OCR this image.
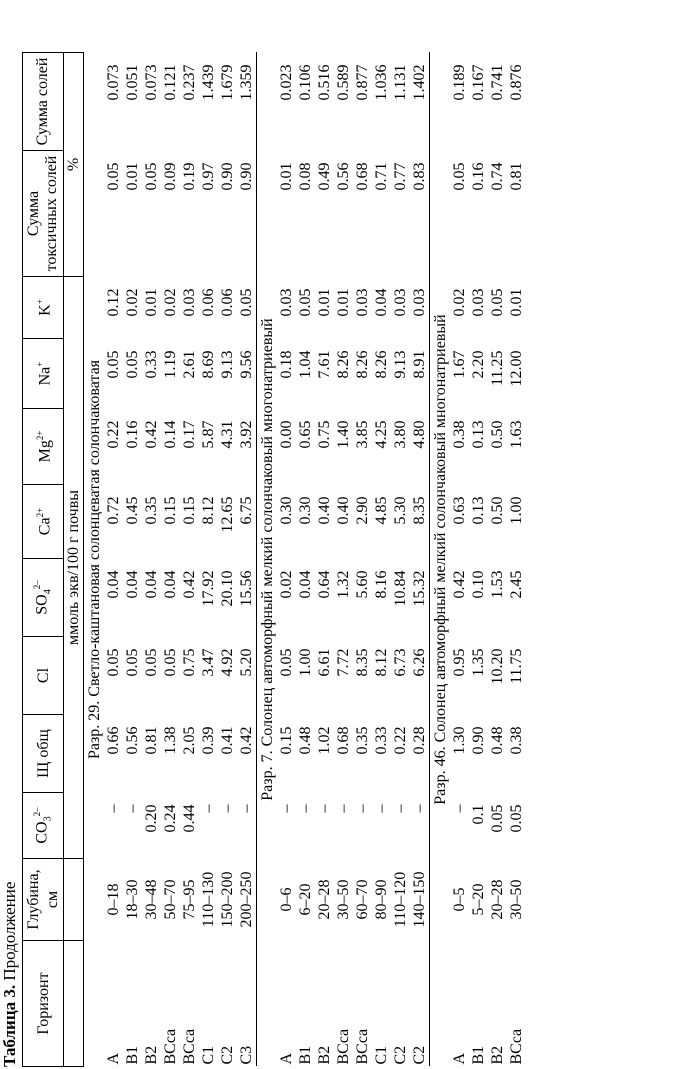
Таблица 3. Продолжение
Горизонт	Глубина, см	$CO_3^{2-}$	Щ общ	Cl	$SO_4^{2-}$	$Ca^{2+}$	$Mg^{2+}$	Na+	K+	Сумма токсичных солей	Сумма солей
		ммоль экв/100 г почвы								%	
Разр. 29. Светло-каштановая солонцеватая солончаковатая											
A	0–18	–	0.66	0.05	0.04	0.72	0.22	0.05	0.12	0.05	0.073
B1	18–30	–	0.56	0.05	0.04	0.45	0.16	0.05	0.02	0.01	0.051
B2	30–48	0.20	0.81	0.05	0.04	0.35	0.42	0.33	0.01	0.05	0.073
BCca	50–70	0.24	1.38	0.05	0.04	0.15	0.14	1.19	0.02	0.09	0.121
BCca	75–95	0.44	2.05	0.75	0.42	0.15	0.17	2.61	0.03	0.19	0.237
C1	110–130	–	0.39	3.47	17.92	8.12	5.87	8.69	0.06	0.97	1.439
C2	150–200	–	0.41	4.92	20.10	12.65	4.31	9.13	0.06	0.90	1.679
C3	200–250	–	0.42	5.20	15.56	6.75	3.92	9.56	0.05	0.90	1.359
Разр. 7. Солонец автоморфный мелкий солончаковый многонатриевый											
A	0–6	–	0.15	0.05	0.02	0.30	0.00	0.18	0.03	0.01	0.023
B1	6–20	–	0.48	1.00	0.04	0.30	0.65	1.04	0.05	0.08	0.106
B2	20–28	–	1.02	6.61	0.64	0.40	0.75	7.61	0.01	0.49	0.516
BCca	30–50	–	0.68	7.72	1.32	0.40	1.40	8.26	0.01	0.56	0.589
BCca	60–70	–	0.35	8.35	5.60	2.90	3.85	8.26	0.03	0.68	0.877
C1	80–90	–	0.33	8.12	8.16	4.85	4.25	8.26	0.04	0.71	1.036
C2	110–120	–	0.22	6.73	10.84	5.30	3.80	9.13	0.03	0.77	1.131
C2	140–150	–	0.28	6.26	15.32	8.35	4.80	8.91	0.03	0.83	1.402
Разр. 46. Солонец автоморфный мелкий солончаковый многонатриевый											
A	0–5	–	1.30	0.95	0.42	0.63	0.38	1.67	0.02	0.05	0.189
B1	5–20	0.1	0.90	1.35	0.10	0.13	0.13	2.20	0.03	0.16	0.167
B2	20–28	0.05	0.48	10.20	1.53	0.50	0.50	11.25	0.05	0.74	0.741
BCca	30–50	0.05	0.38	11.75	2.45	1.00	1.63	12.00	0.01	0.81	0.876
